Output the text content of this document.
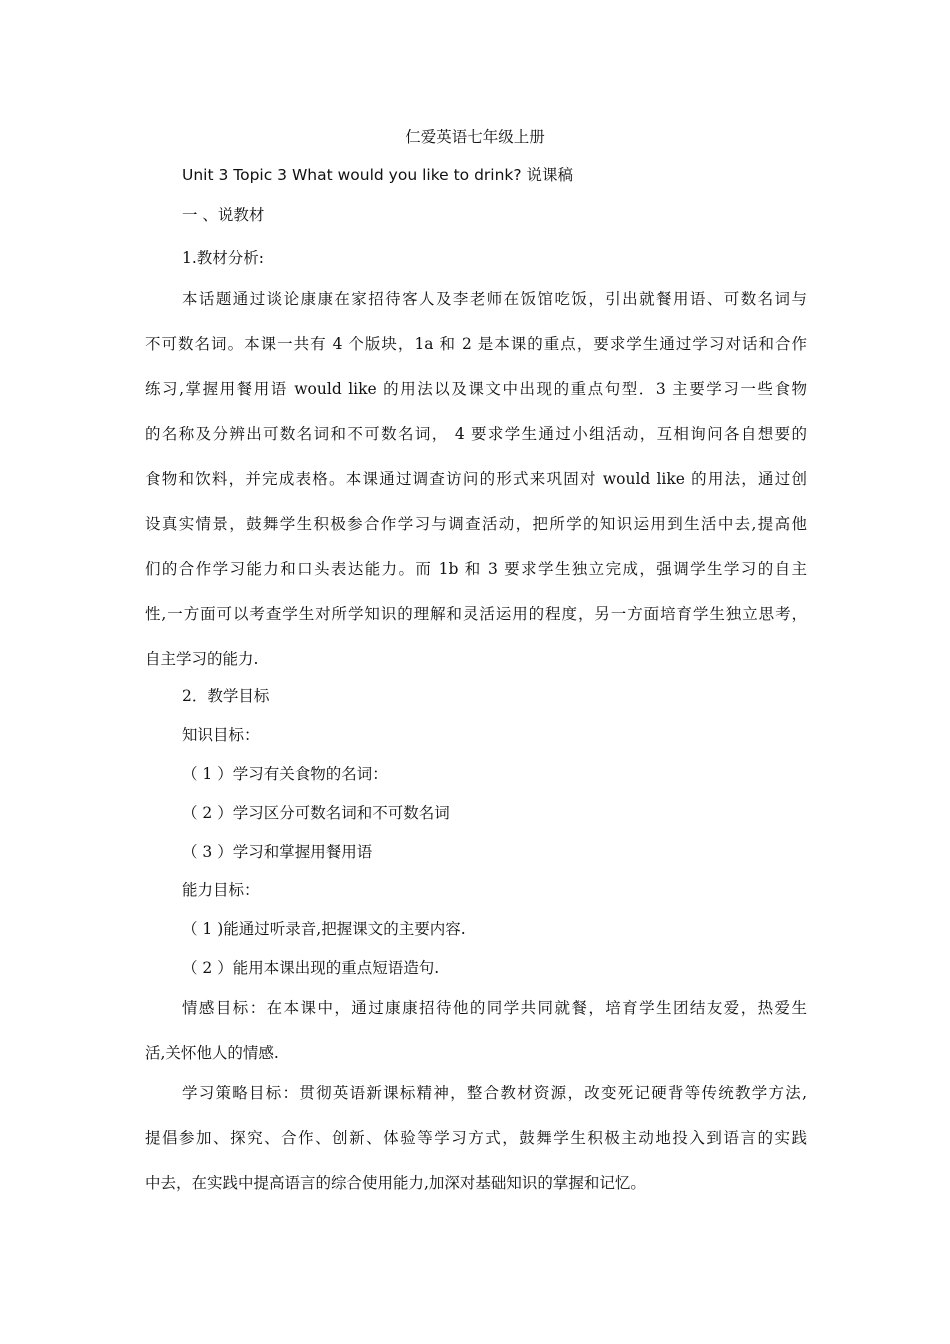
仁爱英语七年级上册
Unit 3 Topic 3 What would you like to drink? 说课稿
一 、说教材
1.教材分析:
本话题通过谈论康康在家招待客人及李老师在饭馆吃饭，引出就餐用语、可数名词与
不可数名词。本课一共有 4 个版块，1a 和 2 是本课的重点，要求学生通过学习对话和合作
练习,掌握用餐用语 would like 的用法以及课文中出现的重点句型．3 主要学习一些食物
的名称及分辨出可数名词和不可数名词， 4 要求学生通过小组活动，互相询问各自想要的
食物和饮料，并完成表格。本课通过调查访问的形式来巩固对 would like 的用法，通过创
设真实情景，鼓舞学生积极参合作学习与调查活动，把所学的知识运用到生活中去,提高他
们的合作学习能力和口头表达能力。而 1b 和 3 要求学生独立完成，强调学生学习的自主
性,一方面可以考查学生对所学知识的理解和灵活运用的程度，另一方面培育学生独立思考，
自主学习的能力.
2．教学目标
知识目标：
（ 1 ）学习有关食物的名词：
（ 2 ）学习区分可数名词和不可数名词
（ 3 ）学习和掌握用餐用语
能力目标：
（ 1 )能通过听录音,把握课文的主要内容.
（ 2 ）能用本课出现的重点短语造句.
情感目标：在本课中，通过康康招待他的同学共同就餐，培育学生团结友爱，热爱生
活,关怀他人的情感.
学习策略目标：贯彻英语新课标精神，整合教材资源，改变死记硬背等传统教学方法,
提倡参加、探究、合作、创新、体验等学习方式，鼓舞学生积极主动地投入到语言的实践
中去，在实践中提高语言的综合使用能力,加深对基础知识的掌握和记忆。
